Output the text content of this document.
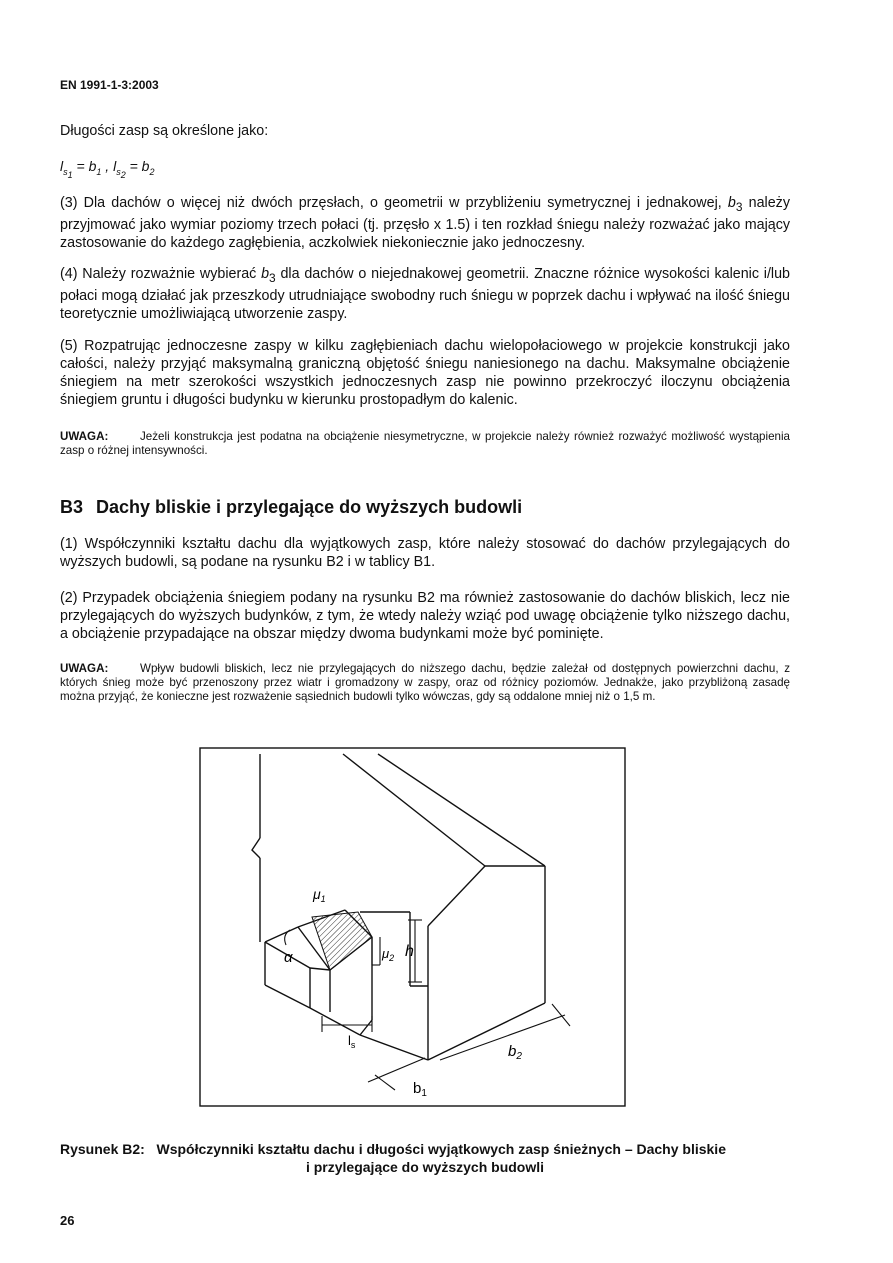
EN 1991-1-3:2003

Długości zasp są określone jako:

$l_{s_1} = b_1$ , $l_{s_2} = b_2$

(3) Dla dachów o więcej niż dwóch przęsłach, o geometrii w przybliżeniu symetrycznej i jednakowej, $b_3$ należy przyjmować jako wymiar poziomy trzech połaci (tj. przęsło x 1.5) i ten rozkład śniegu należy rozważać jako mający zastosowanie do każdego zagłębienia, aczkolwiek niekoniecznie jako jednoczesny.

(4) Należy rozważnie wybierać $b_3$ dla dachów o niejednakowej geometrii. Znaczne różnice wysokości kalenic i/lub połaci mogą działać jak przeszkody utrudniające swobodny ruch śniegu w poprzek dachu i wpływać na ilość śniegu teoretycznie umożliwiającą utworzenie zaspy.

(5) Rozpatrując jednoczesne zaspy w kilku zagłębieniach dachu wielopołaciowego w projekcie konstrukcji jako całości, należy przyjąć maksymalną graniczną objętość śniegu naniesionego na dachu. Maksymalne obciążenie śniegiem na metr szerokości wszystkich jednoczesnych zasp nie powinno przekroczyć iloczynu obciążenia śniegiem gruntu i długości budynku w kierunku prostopadłym do kalenic.

UWAGA:	Jeżeli konstrukcja jest podatna na obciążenie niesymetryczne, w projekcie należy również rozważyć możliwość wystąpienia zasp o różnej intensywności.

B3 Dachy bliskie i przylegające do wyższych budowli

(1) Współczynniki kształtu dachu dla wyjątkowych zasp, które należy stosować do dachów przylegających do wyższych budowli, są podane na rysunku B2 i w tablicy B1.

(2) Przypadek obciążenia śniegiem podany na rysunku B2 ma również zastosowanie do dachów bliskich, lecz nie przylegających do wyższych budynków, z tym, że wtedy należy wziąć pod uwagę obciążenie tylko niższego dachu, a obciążenie przypadające na obszar między dwoma budynkami może być pominięte.

UWAGA:	Wpływ budowli bliskich, lecz nie przylegających do niższego dachu, będzie zależał od dostępnych powierzchni dachu, z których śnieg może być przenoszony przez wiatr i gromadzony w zaspy, oraz od różnicy poziomów. Jednakże, jako przybliżoną zasadę można przyjąć, że konieczne jest rozważenie sąsiednich budowli tylko wówczas, gdy są oddalone mniej niż o 1,5 m.

$\mu_1$
α	$\mu_2$ h
$l_s$	$b_2$
$b_1$
Rysunek B2: Współczynniki kształtu dachu i długości wyjątkowych zasp śnieżnych – Dachy bliskie
i przylegające do wyższych budowli
26
